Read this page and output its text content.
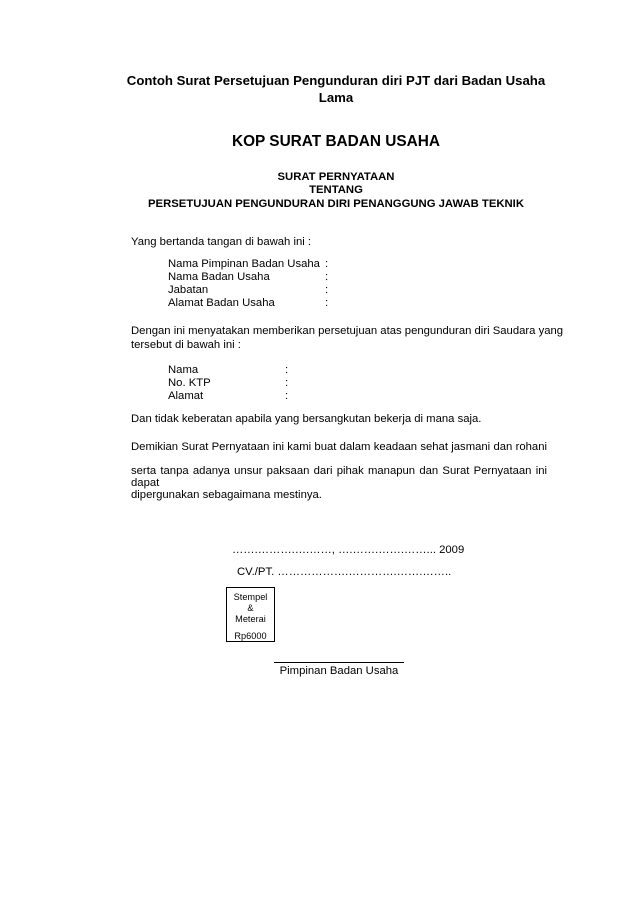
Contoh Surat Persetujuan Pengunduran diri PJT dari Badan Usaha
Lama
KOP SURAT BADAN USAHA
SURAT PERNYATAAN
TENTANG
PERSETUJUAN PENGUNDURAN DIRI PENANGGUNG JAWAB TEKNIK
Yang bertanda tangan di bawah ini :
Nama Pimpinan Badan Usaha :
Nama Badan Usaha	:
Jabatan	:
Alamat Badan Usaha	:
Dengan ini menyatakan memberikan persetujuan atas pengunduran diri Saudara yang
tersebut di bawah ini :
Nama	:
No. KTP	:
Alamat	:
Dan tidak keberatan apabila yang bersangkutan bekerja di mana saja.
Demikian Surat Pernyataan ini kami buat dalam keadaan sehat jasmani dan rohani
serta tanpa adanya unsur paksaan dari pihak manapun dan Surat Pernyataan ini dapat
dipergunakan sebagaimana mestinya.
…….……….….……, ….…….…….……... 2009
CV./PT. ……………….………….…….……..
Stempel
&
Meterai
Rp6000
Pimpinan Badan Usaha
